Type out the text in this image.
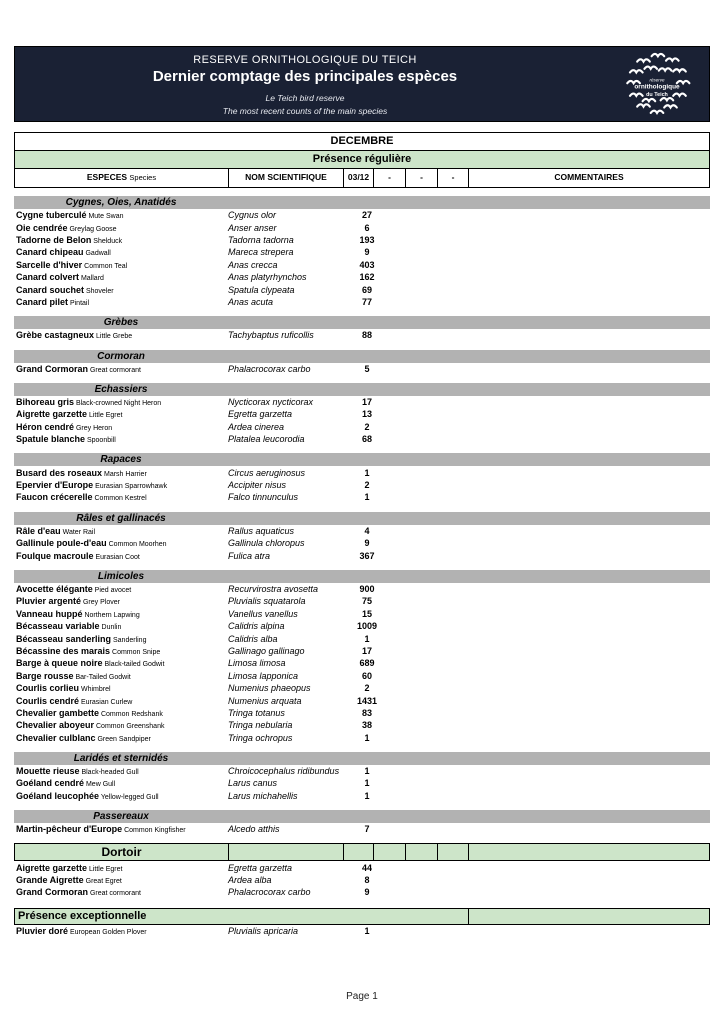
RESERVE ORNITHOLOGIQUE DU TEICH
Dernier comptage des principales espèces
Le Teich bird reserve
The most recent counts of the main species
réserve
ornithologique
du Teich
DECEMBRE
Présence régulière
ESPECES Species	NOM SCIENTIFIQUE	03/12	-	-	-	COMMENTAIRES
Cygnes, Oies, Anatidés
Cygne tuberculé Mute Swan	Cygnus olor	27
Oie cendrée Greylag Goose	Anser anser	6
Tadorne de Belon Shelduck	Tadorna tadorna	193
Canard chipeau Gadwall	Mareca strepera	9
Sarcelle d'hiver Common Teal	Anas crecca	403
Canard colvert Mallard	Anas platyrhynchos	162
Canard souchet Shoveler	Spatula clypeata	69
Canard pilet Pintail	Anas acuta	77
Grèbes
Grèbe castagneux Little Grebe	Tachybaptus ruficollis	88
Cormoran
Grand Cormoran Great cormorant	Phalacrocorax carbo	5
Echassiers
Bihoreau gris Black-crowned Night Heron	Nycticorax nycticorax	17
Aigrette garzette Little Egret	Egretta garzetta	13
Héron cendré Grey Heron	Ardea cinerea	2
Spatule blanche Spoonbill	Platalea leucorodia	68
Rapaces
Busard des roseaux Marsh Harrier	Circus aeruginosus	1
Epervier d'Europe Eurasian Sparrowhawk	Accipiter nisus	2
Faucon crécerelle Common Kestrel	Falco tinnunculus	1
Râles et gallinacés
Râle d'eau Water Rail	Rallus aquaticus	4
Gallinule poule-d'eau Common Moorhen	Gallinula chloropus	9
Foulque macroule Eurasian Coot	Fulica atra	367
Limicoles
Avocette élégante Pied avocet	Recurvirostra avosetta	900
Pluvier argenté Grey Plover	Pluvialis squatarola	75
Vanneau huppé Northern Lapwing	Vanellus vanellus	15
Bécasseau variable Dunlin	Calidris alpina	1009
Bécasseau sanderling Sanderling	Calidris alba	1
Bécassine des marais Common Snipe	Gallinago gallinago	17
Barge à queue noire Black-tailed Godwit	Limosa limosa	689
Barge rousse Bar-Tailed Godwit	Limosa lapponica	60
Courlis corlieu Whimbrel	Numenius phaeopus	2
Courlis cendré Eurasian Curlew	Numenius arquata	1431
Chevalier gambette Common Redshank	Tringa totanus	83
Chevalier aboyeur Common Greenshank	Tringa nebularia	38
Chevalier culblanc Green Sandpiper	Tringa ochropus	1
Laridés et sternidés
Mouette rieuse Black-headed Gull	Chroicocephalus ridibundus	1
Goéland cendré Mew Gull	Larus canus	1
Goéland leucophée Yellow-legged Gull	Larus michahellis	1
Passereaux
Martin-pêcheur d'Europe Common Kingfisher	Alcedo atthis	7
Dortoir
Aigrette garzette Little Egret	Egretta garzetta	44
Grande Aigrette Great Egret	Ardea alba	8
Grand Cormoran Great cormorant	Phalacrocorax carbo	9
Présence exceptionnelle
Pluvier doré European Golden Plover	Pluvialis apricaria	1
Page 1
